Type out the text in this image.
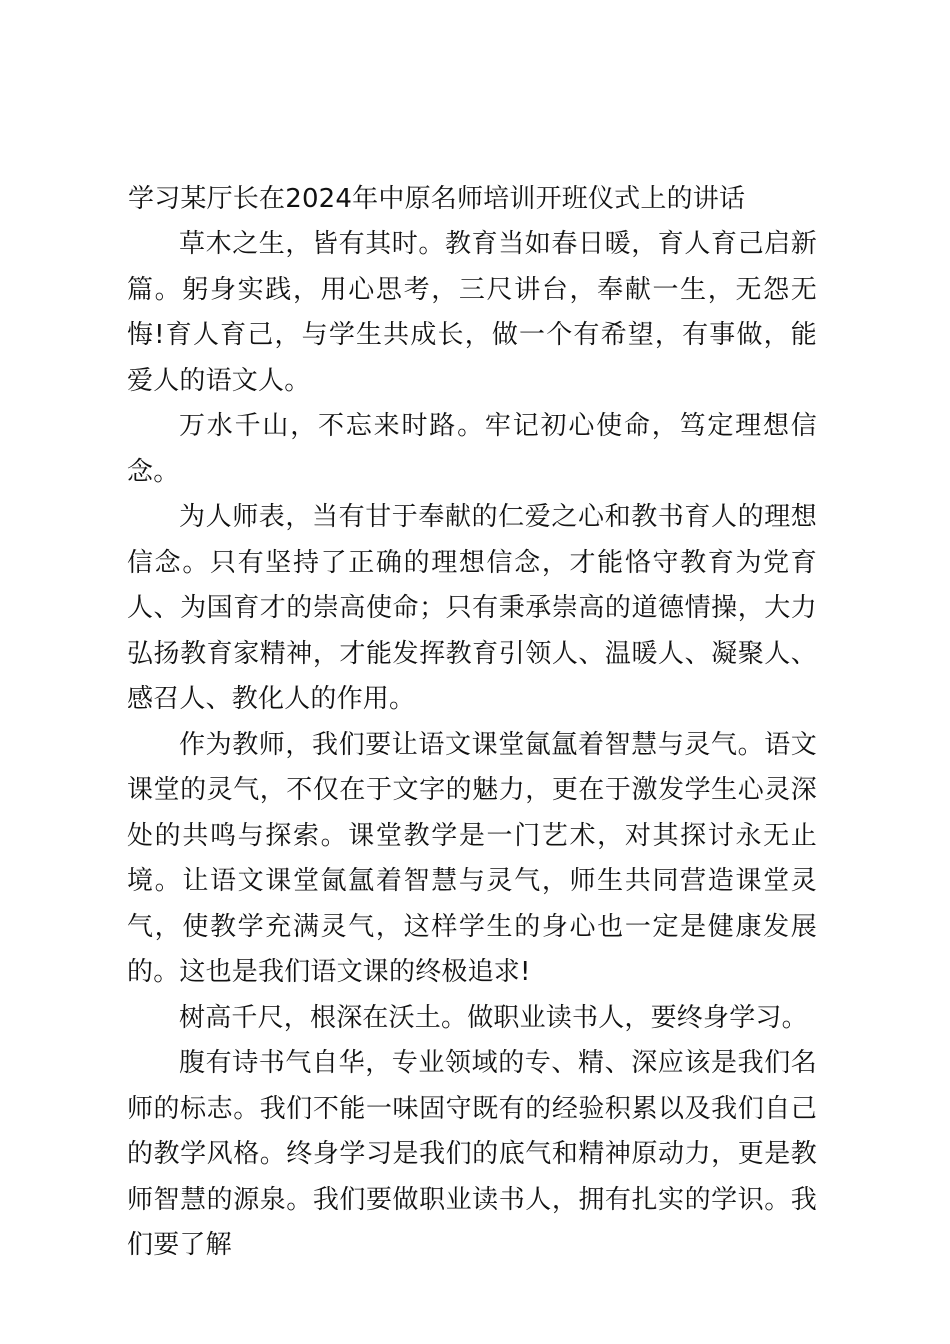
学习某厅长在2024年中原名师培训开班仪式上的讲话

草木之生，皆有其时。教育当如春日暖，育人育己启新篇。躬身实践，用心思考，三尺讲台，奉献一生，无怨无悔!育人育己，与学生共成长，做一个有希望，有事做，能爱人的语文人。

万水千山，不忘来时路。牢记初心使命，笃定理想信念。

为人师表，当有甘于奉献的仁爱之心和教书育人的理想信念。只有坚持了正确的理想信念，才能恪守教育为党育人、为国育才的崇高使命；只有秉承崇高的道德情操，大力弘扬教育家精神，才能发挥教育引领人、温暖人、凝聚人、感召人、教化人的作用。

作为教师，我们要让语文课堂氤氲着智慧与灵气。语文课堂的灵气，不仅在于文字的魅力，更在于激发学生心灵深处的共鸣与探索。课堂教学是一门艺术，对其探讨永无止境。让语文课堂氤氲着智慧与灵气，师生共同营造课堂灵气，使教学充满灵气，这样学生的身心也一定是健康发展的。这也是我们语文课的终极追求!

树高千尺，根深在沃土。做职业读书人，要终身学习。

腹有诗书气自华，专业领域的专、精、深应该是我们名师的标志。我们不能一味固守既有的经验积累以及我们自己的教学风格。终身学习是我们的底气和精神原动力，更是教师智慧的源泉。我们要做职业读书人，拥有扎实的学识。我们要了解
